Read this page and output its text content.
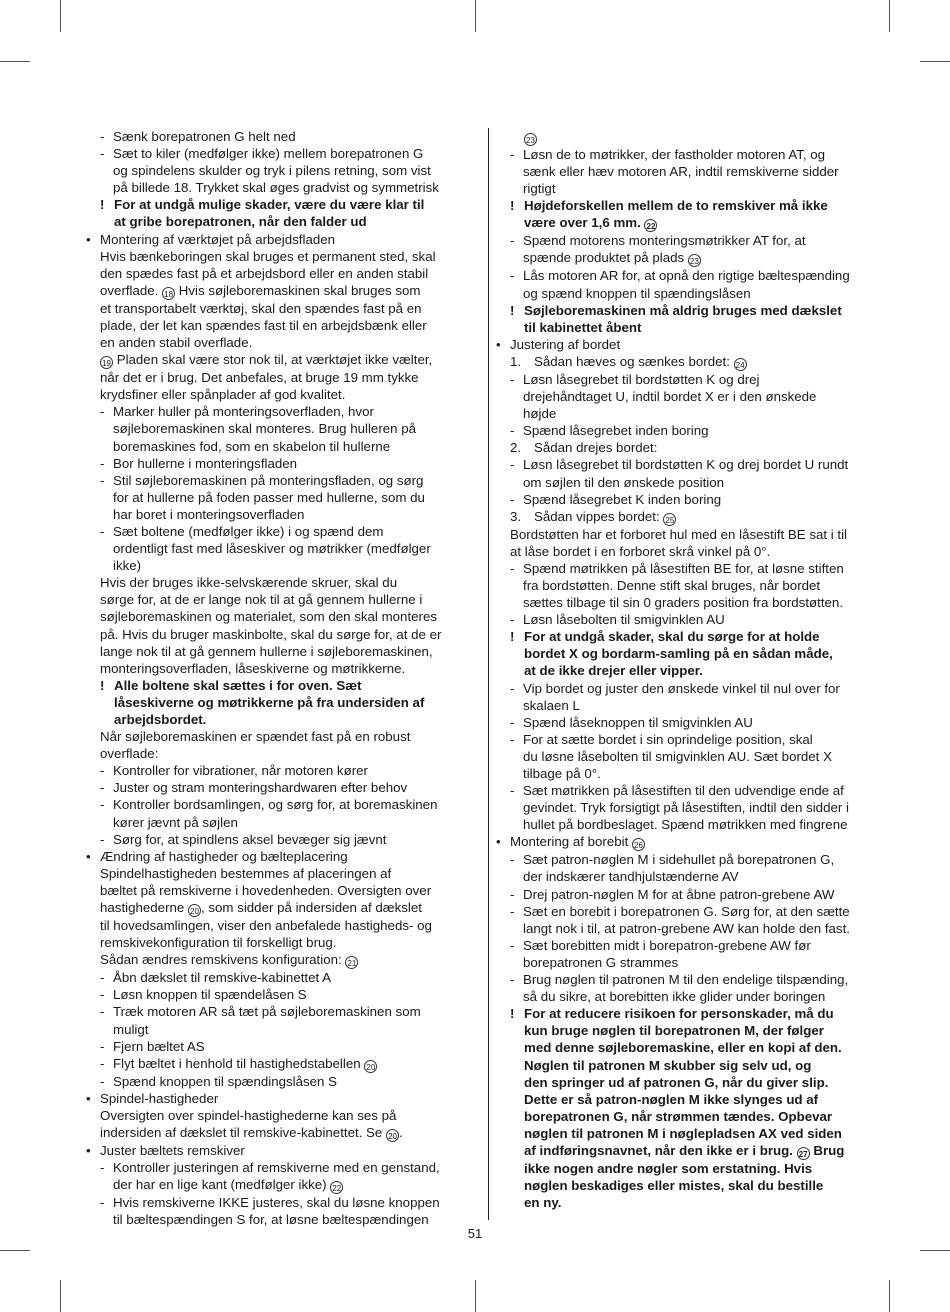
- Sænk borepatronen G helt ned
- Sæt to kiler (medfølger ikke) mellem borepatronen G
og spindelens skulder og tryk i pilens retning, som vist
på billede 18. Trykket skal øges gradvist og symmetrisk
! For at undgå mulige skader, være du være klar til
at gribe borepatronen, når den falder ud
• Montering af værktøjet på arbejdsfladen
Hvis bænkeboringen skal bruges et permanent sted, skal
den spædes fast på et arbejdsbord eller en anden stabil
overflade. 18 Hvis søjleboremaskinen skal bruges som
et transportabelt værktøj, skal den spændes fast på en
plade, der let kan spændes fast til en arbejdsbænk eller
en anden stabil overflade.
19 Pladen skal være stor nok til, at værktøjet ikke vælter,
når det er i brug. Det anbefales, at bruge 19 mm tykke
krydsfiner eller spånplader af god kvalitet.
- Marker huller på monteringsoverfladen, hvor
søjleboremaskinen skal monteres. Brug hulleren på
boremaskines fod, som en skabelon til hullerne
- Bor hullerne i monteringsfladen
- Stil søjleboremaskinen på monteringsfladen, og sørg
for at hullerne på foden passer med hullerne, som du
har boret i monteringsoverfladen
- Sæt boltene (medfølger ikke) i og spænd dem
ordentligt fast med låseskiver og møtrikker (medfølger
ikke)
Hvis der bruges ikke-selvskærende skruer, skal du
sørge for, at de er lange nok til at gå gennem hullerne i
søjleboremaskinen og materialet, som den skal monteres
på. Hvis du bruger maskinbolte, skal du sørge for, at de er
lange nok til at gå gennem hullerne i søjleboremaskinen,
monteringsoverfladen, låseskiverne og møtrikkerne.
! Alle boltene skal sættes i for oven. Sæt
låseskiverne og møtrikkerne på fra undersiden af
arbejdsbordet.
Når søjleboremaskinen er spændet fast på en robust
overflade:
- Kontroller for vibrationer, når motoren kører
- Juster og stram monteringshardwaren efter behov
- Kontroller bordsamlingen, og sørg for, at boremaskinen
kører jævnt på søjlen
- Sørg for, at spindlens aksel bevæger sig jævnt
• Ændring af hastigheder og bælteplacering
Spindelhastigheden bestemmes af placeringen af
bæltet på remskiverne i hovedenheden. Oversigten over
hastighederne 20 , som sidder på indersiden af dækslet
til hovedsamlingen, viser den anbefalede hastigheds- og
remskivekonfiguration til forskelligt brug.
Sådan ændres remskivens konfiguration: 21
- Åbn dækslet til remskive-kabinettet A
- Løsn knoppen til spændelåsen S
- Træk motoren AR så tæt på søjleboremaskinen som
muligt
- Fjern bæltet AS
- Flyt bæltet i henhold til hastighedstabellen 20
- Spænd knoppen til spændingslåsen S
• Spindel-hastigheder
Oversigten over spindel-hastighederne kan ses på
indersiden af dækslet til remskive-kabinettet. Se 20 .
• Juster bæltets remskiver
- Kontroller justeringen af remskiverne med en genstand,
der har en lige kant (medfølger ikke) 22
- Hvis remskiverne IKKE justeres, skal du løsne knoppen
til bæltespændingen S for, at løsne bæltespændingen
23
- Løsn de to møtrikker, der fastholder motoren AT, og
sænk eller hæv motoren AR, indtil remskiverne sidder
rigtigt
! Højdeforskellen mellem de to remskiver må ikke
være over 1,6 mm. 22
- Spænd motorens monteringsmøtrikker AT for, at
spænde produktet på plads 23
- Lås motoren AR for, at opnå den rigtige bæltespænding
og spænd knoppen til spændingslåsen
! Søjleboremaskinen må aldrig bruges med dækslet
til kabinettet åbent
• Justering af bordet
1. Sådan hæves og sænkes bordet: 24
- Løsn låsegrebet til bordstøtten K og drej
drejehåndtaget U, indtil bordet X er i den ønskede
højde
- Spænd låsegrebet inden boring
2. Sådan drejes bordet:
- Løsn låsegrebet til bordstøtten K og drej bordet U rundt
om søjlen til den ønskede position
- Spænd låsegrebet K inden boring
3. Sådan vippes bordet: 25
Bordstøtten har et forboret hul med en låsestift BE sat i til
at låse bordet i en forboret skrå vinkel på 0°.
- Spænd møtrikken på låsestiften BE for, at løsne stiften
fra bordstøtten. Denne stift skal bruges, når bordet
sættes tilbage til sin 0 graders position fra bordstøtten.
- Løsn låsebolten til smigvinklen AU
! For at undgå skader, skal du sørge for at holde
bordet X og bordarm-samling på en sådan måde,
at de ikke drejer eller vipper.
- Vip bordet og juster den ønskede vinkel til nul over for
skalaen L
- Spænd låseknoppen til smigvinklen AU
- For at sætte bordet i sin oprindelige position, skal
du løsne låsebolten til smigvinklen AU. Sæt bordet X
tilbage på 0°.
- Sæt møtrikken på låsestiften til den udvendige ende af
gevindet. Tryk forsigtigt på låsestiften, indtil den sidder i
hullet på bordbeslaget. Spænd møtrikken med fingrene
• Montering af borebit 26
- Sæt patron-nøglen M i sidehullet på borepatronen G,
der indskærer tandhjulstænderne AV
- Drej patron-nøglen M for at åbne patron-grebene AW
- Sæt en borebit i borepatronen G. Sørg for, at den sætte
langt nok i til, at patron-grebene AW kan holde den fast.
- Sæt borebitten midt i borepatron-grebene AW før
borepatronen G strammes
- Brug nøglen til patronen M til den endelige tilspænding,
så du sikre, at borebitten ikke glider under boringen
! For at reducere risikoen for personskader, må du
kun bruge nøglen til borepatronen M, der følger
med denne søjleboremaskine, eller en kopi af den.
Nøglen til patronen M skubber sig selv ud, og
den springer ud af patronen G, når du giver slip.
Dette er så patron-nøglen M ikke slynges ud af
borepatronen G, når strømmen tændes. Opbevar
nøglen til patronen M i nøglepladsen AX ved siden
af indføringsnavnet, når den ikke er i brug. 27 Brug
ikke nogen andre nøgler som erstatning. Hvis
nøglen beskadiges eller mistes, skal du bestille
en ny.
51
